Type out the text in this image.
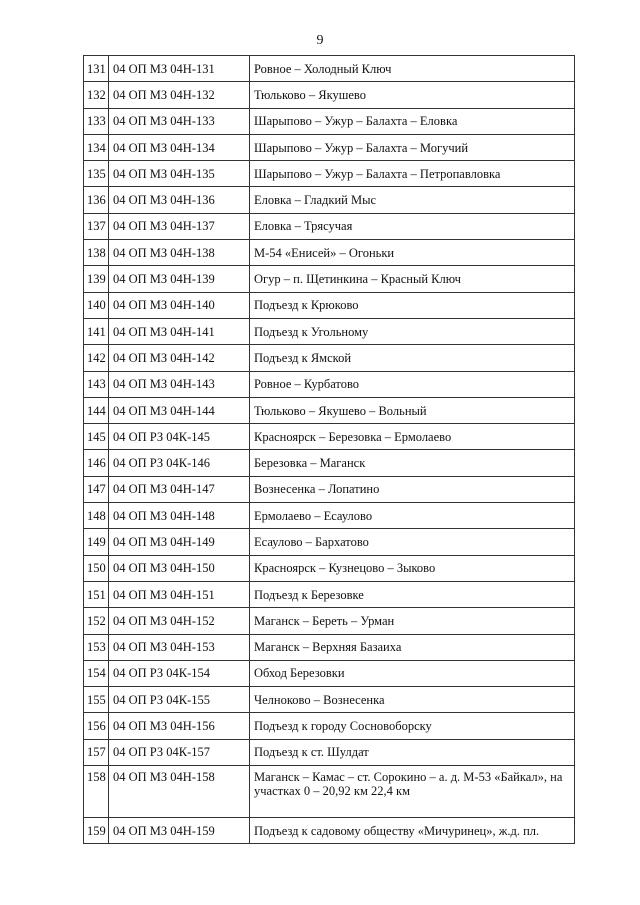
9
131	04 ОП МЗ 04Н-131	Ровное – Холодный Ключ
132	04 ОП МЗ 04Н-132	Тюльково – Якушево
133	04 ОП МЗ 04Н-133	Шарыпово – Ужур – Балахта – Еловка
134	04 ОП МЗ 04Н-134	Шарыпово – Ужур – Балахта – Могучий
135	04 ОП МЗ 04Н-135	Шарыпово – Ужур – Балахта – Петропавловка
136	04 ОП МЗ 04Н-136	Еловка – Гладкий Мыс
137	04 ОП МЗ 04Н-137	Еловка – Трясучая
138	04 ОП МЗ 04Н-138	М-54 «Енисей» – Огоньки
139	04 ОП МЗ 04Н-139	Огур – п. Щетинкина – Красный Ключ
140	04 ОП МЗ 04Н-140	Подъезд к Крюково
141	04 ОП МЗ 04Н-141	Подъезд к Угольному
142	04 ОП МЗ 04Н-142	Подъезд к Ямской
143	04 ОП МЗ 04Н-143	Ровное – Курбатово
144	04 ОП МЗ 04Н-144	Тюльково – Якушево – Вольный
145	04 ОП РЗ 04К-145	Красноярск – Березовка – Ермолаево
146	04 ОП РЗ 04К-146	Березовка – Маганск
147	04 ОП МЗ 04Н-147	Вознесенка – Лопатино
148	04 ОП МЗ 04Н-148	Ермолаево – Есаулово
149	04 ОП МЗ 04Н-149	Есаулово – Бархатово
150	04 ОП МЗ 04Н-150	Красноярск – Кузнецово – Зыково
151	04 ОП МЗ 04Н-151	Подъезд к Березовке
152	04 ОП МЗ 04Н-152	Маганск – Береть – Урман
153	04 ОП МЗ 04Н-153	Маганск – Верхняя Базаиха
154	04 ОП РЗ 04К-154	Обход Березовки
155	04 ОП РЗ 04К-155	Челноково – Вознесенка
156	04 ОП МЗ 04Н-156	Подъезд к городу Сосновоборску
157	04 ОП РЗ 04К-157	Подъезд к ст. Шулдат
158	04 ОП МЗ 04Н-158	Маганск – Камас – ст. Сорокино – а. д. М-53 «Байкал», на участках 0 – 20,92 км 22,4 км
159	04 ОП МЗ 04Н-159	Подъезд к садовому обществу «Мичуринец», ж.д. пл.
